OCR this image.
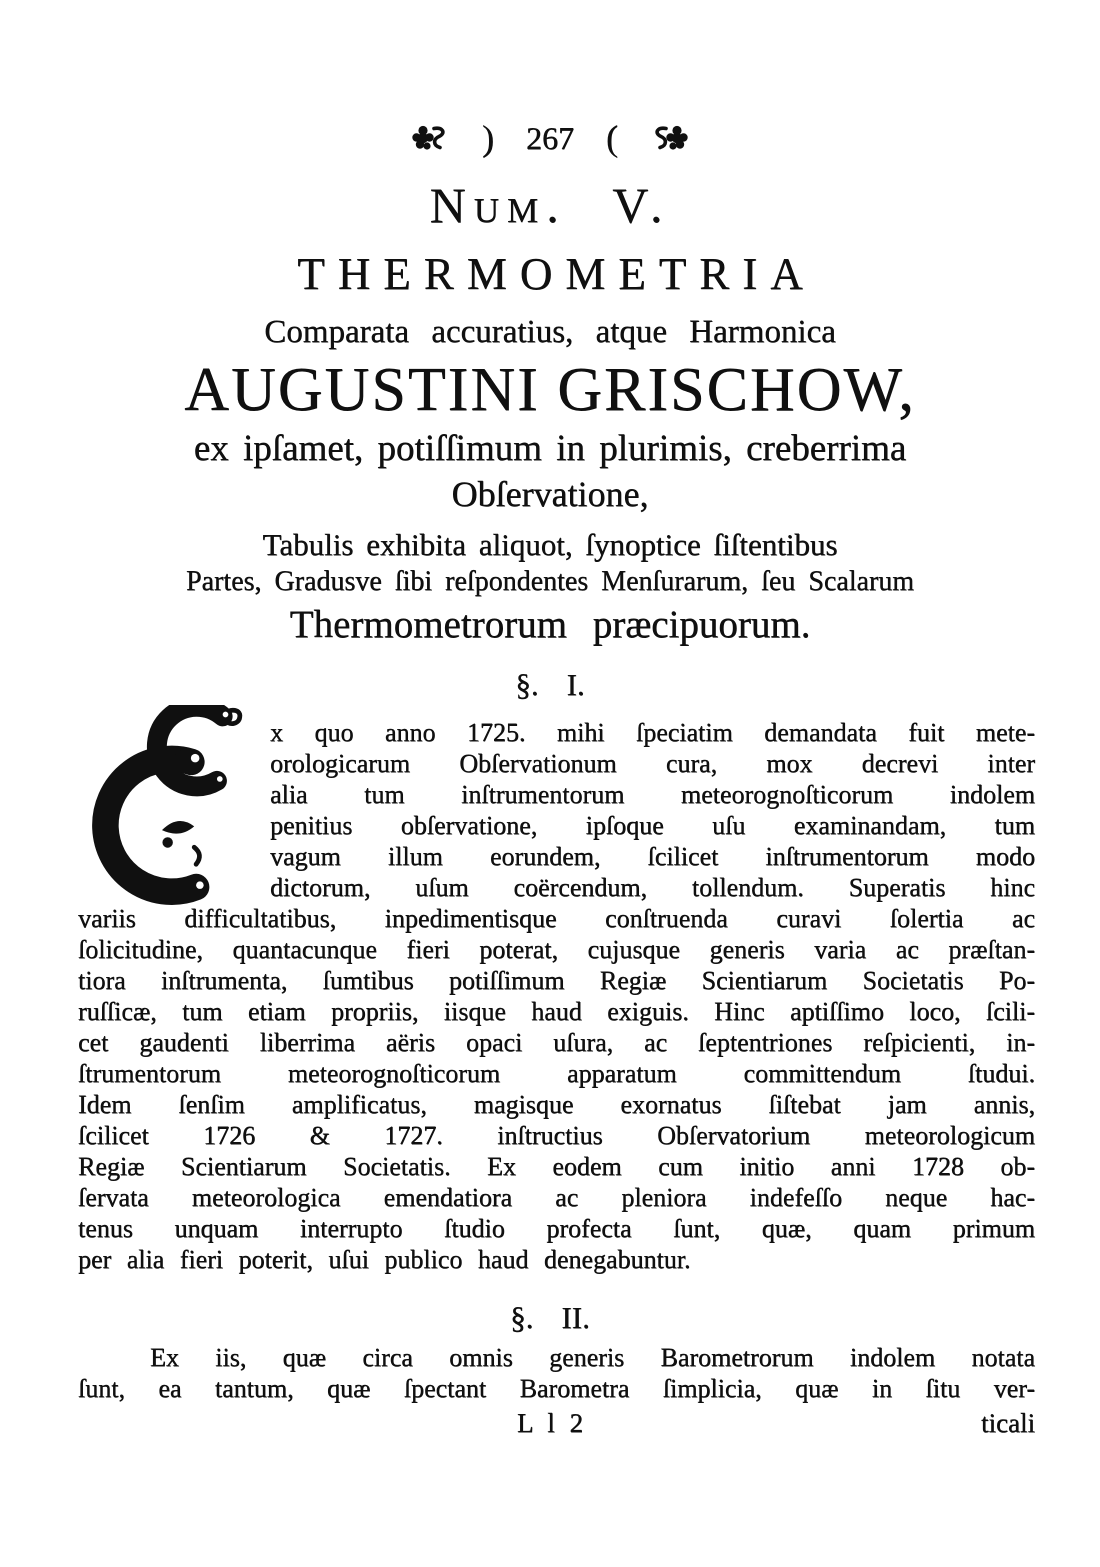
) 267 (
Num. V.
THERMOMETRIA
Comparata accuratius, atque Harmonica
AUGUSTINI GRISCHOW,
ex ipſamet, potiſſimum in plurimis, creberrima
Obſervatione,
Tabulis exhibita aliquot, ſynoptice ſiſtentibus
Partes, Gradusve ſibi reſpondentes Menſurarum, ſeu Scalarum
Thermometrorum præcipuorum.
§. I.
x quo anno 1725. mihi ſpeciatim demandata fuit mete-
orologicarum Obſervationum cura, mox decrevi inter
alia tum inſtrumentorum meteorognoſticorum indolem
penitius obſervatione, ipſoque uſu examinandam, tum
vagum illum eorundem, ſcilicet inſtrumentorum modo
dictorum, uſum coërcendum, tollendum. Superatis hinc
variis difficultatibus, inpedimentisque conſtruenda curavi ſolertia ac
ſolicitudine, quantacunque fieri poterat, cujusque generis varia ac præſtan-
tiora inſtrumenta, ſumtibus potiſſimum Regiæ Scientiarum Societatis Po-
ruſſicæ, tum etiam propriis, iisque haud exiguis. Hinc aptiſſimo loco, ſcili-
cet gaudenti liberrima aëris opaci uſura, ac ſeptentriones reſpicienti, in-
ſtrumentorum meteorognoſticorum apparatum committendum ſtudui.
Idem ſenſim amplificatus, magisque exornatus ſiſtebat jam annis,
ſcilicet 1726 & 1727. inſtructius Obſervatorium meteorologicum
Regiæ Scientiarum Societatis. Ex eodem cum initio anni 1728 ob-
ſervata meteorologica emendatiora ac pleniora indefeſſo neque hac-
tenus unquam interrupto ſtudio profecta ſunt, quæ, quam primum
per alia fieri poterit, uſui publico haud denegabuntur.
§. II.
Ex iis, quæ circa omnis generis Barometrorum indolem notata
ſunt, ea tantum, quæ ſpectant Barometra ſimplicia, quæ in ſitu ver-
L l 2	ticali
